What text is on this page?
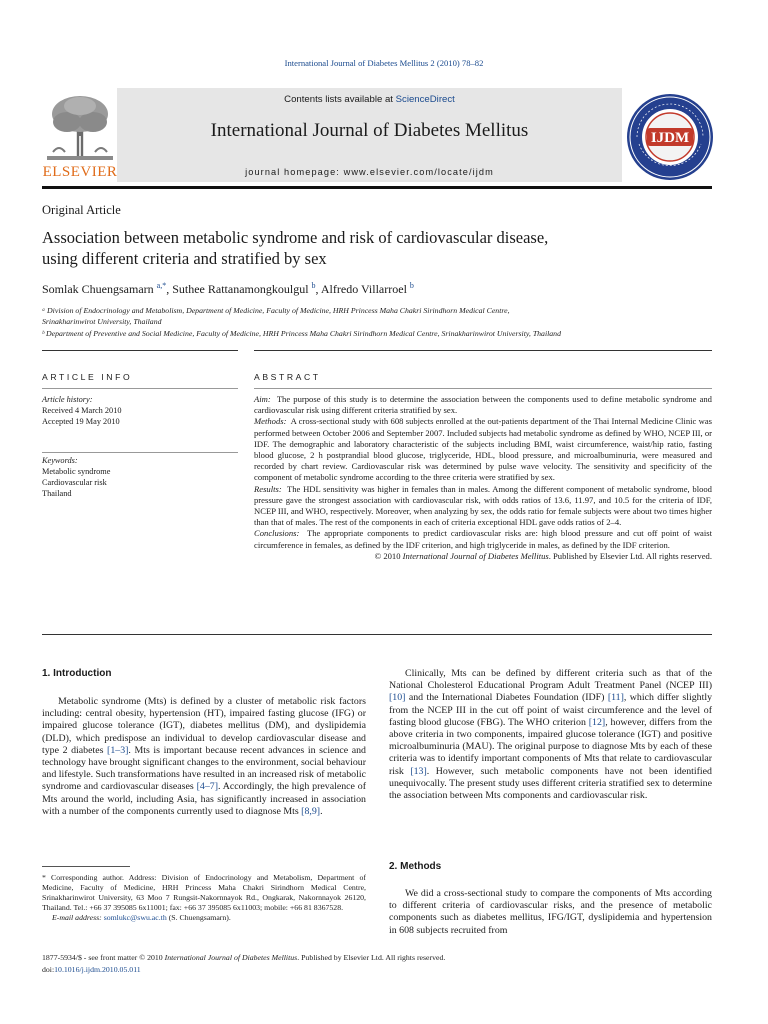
International Journal of Diabetes Mellitus 2 (2010) 78–82
Contents lists available at ScienceDirect
International Journal of Diabetes Mellitus
journal homepage: www.elsevier.com/locate/ijdm
ELSEVIER
IJDM
Original Article
Association between metabolic syndrome and risk of cardiovascular disease,
using different criteria and stratified by sex
Somlak Chuengsamarn $^{a,*}$, Suthee Rattanamongkoulgul $^b$, Alfredo Villarroel $^b$
ᵃ Division of Endocrinology and Metabolism, Department of Medicine, Faculty of Medicine, HRH Princess Maha Chakri Sirindhorn Medical Centre,
Srinakharinwirot University, Thailand
ᵇ Department of Preventive and Social Medicine, Faculty of Medicine, HRH Princess Maha Chakri Sirindhorn Medical Centre, Srinakharinwirot University, Thailand
ARTICLE INFO	ABSTRACT
Article history:
Received 4 March 2010
Accepted 19 May 2010
Keywords:
Metabolic syndrome
Cardiovascular risk
Thailand

Aim: The purpose of this study is to determine the association between the components used to define metabolic syndrome and cardiovascular risk using different criteria stratified by sex.

Methods: A cross-sectional study with 608 subjects enrolled at the out-patients department of the Thai Internal Medicine Clinic was performed between October 2006 and September 2007. Included subjects had metabolic syndrome as defined by WHO, NCEP III, or IDF. The demographic and laboratory characteristic of the subjects including BMI, waist circumference, waist/hip ratio, fasting blood glucose, 2 h postprandial blood glucose, triglyceride, HDL, blood pressure, and microalbuminuria, were measured and recorded by chart review. Cardiovascular risk was determined by pulse wave velocity. The sensitivity and specificity of the component of metabolic syndrome according to the three criteria were stratified by sex.

Results: The HDL sensitivity was higher in females than in males. Among the different component of metabolic syndrome, blood pressure gave the strongest association with cardiovascular risk, with odds ratios of 13.6, 11.97, and 10.5 for the criteria of IDF, NCEP III, and WHO, respectively. Moreover, when analyzing by sex, the odds ratio for female subjects were about two times higher than that of males. The rest of the components in each of criteria exceptional HDL gave odds ratios of 2–4.

Conclusions: The appropriate components to predict cardiovascular risks are: high blood pressure and cut off point of waist circumference in females, as defined by the IDF criterion, and high triglyceride in males, as defined by the IDF criterion.

© 2010 International Journal of Diabetes Mellitus. Published by Elsevier Ltd. All rights reserved.

1. Introduction

Metabolic syndrome (Mts) is defined by a cluster of metabolic risk factors including: central obesity, hypertension (HT), impaired fasting glucose (IFG) or impaired glucose tolerance (IGT), diabetes mellitus (DM), and dyslipidemia (DLD), which predispose an individual to develop cardiovascular disease and type 2 diabetes [1–3]. Mts is important because recent advances in science and technology have brought significant changes to the environment, social behaviour and lifestyle. Such transformations have resulted in an increased risk of metabolic syndrome and cardiovascular diseases [4–7]. Accordingly, the high prevalence of Mts around the world, including Asia, has significantly increased in association with a number of the components currently used to diagnose Mts [8,9].

* Corresponding author. Address: Division of Endocrinology and Metabolism, Department of Medicine, Faculty of Medicine, HRH Princess Maha Chakri Sirindhorn Medical Centre, Srinakharinwirot University, 63 Moo 7 Rungsit-Nakornnayok Rd., Ongkarak, Nakornnayok 26120, Thailand. Tel.: +66 37 395085 6x11001; fax: +66 37 395085 6x11003; mobile: +66 81 8367528.
E-mail address: somlukc@swu.ac.th (S. Chuengsamarn).

Clinically, Mts can be defined by different criteria such as that of the National Cholesterol Educational Program Adult Treatment Panel (NCEP III) [10] and the International Diabetes Foundation (IDF) [11], which differ slightly from the NCEP III in the cut off point of waist circumference and the level of fasting blood glucose (FBG). The WHO criterion [12], however, differs from the above criteria in two components, impaired glucose tolerance (IGT) and positive microalbuminuria (MAU). The original purpose to diagnose Mts by each of these criteria was to identify important components of Mts that relate to cardiovascular risk [13]. However, such metabolic components have not been identified unequivocally. The present study uses different criteria stratified sex to determine the association between Mts components and cardiovascular risk.

2. Methods

We did a cross-sectional study to compare the components of Mts according to different criteria of cardiovascular risks, and the presence of metabolic components such as diabetes mellitus, IFG/IGT, dyslipidemia and hypertension in 608 subjects recruited from

1877-5934/$ - see front matter © 2010 International Journal of Diabetes Mellitus. Published by Elsevier Ltd. All rights reserved.
doi:10.1016/j.ijdm.2010.05.011
